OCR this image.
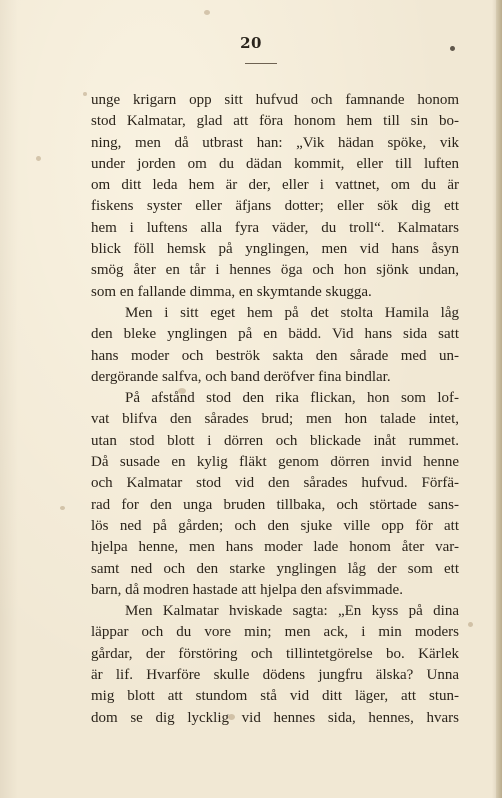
20
unge krigarn opp sitt hufvud och famnande honom
stod Kalmatar, glad att föra honom hem till sin bo-
ning, men då utbrast han: „Vik hädan spöke, vik
under jorden om du dädan kommit, eller till luften
om ditt leda hem är der, eller i vattnet, om du är
fiskens syster eller äfjans dotter; eller sök dig ett
hem i luftens alla fyra väder, du troll“. Kalmatars
blick föll hemsk på ynglingen, men vid hans åsyn
smög åter en tår i hennes öga och hon sjönk undan,
som en fallande dimma, en skymtande skugga.
Men i sitt eget hem på det stolta Hamila låg
den bleke ynglingen på en bädd. Vid hans sida satt
hans moder och beströk sakta den sårade med un-
dergörande salfva, och band deröfver fina bindlar.
På afstånd stod den rika flickan, hon som lof-
vat blifva den sårades brud; men hon talade intet,
utan stod blott i dörren och blickade inåt rummet.
Då susade en kylig fläkt genom dörren invid henne
och Kalmatar stod vid den sårades hufvud. Förfä-
rad for den unga bruden tillbaka, och störtade sans-
lös ned på gården; och den sjuke ville opp för att
hjelpa henne, men hans moder lade honom åter var-
samt ned och den starke ynglingen låg der som ett
barn, då modren hastade att hjelpa den afsvimmade.
Men Kalmatar hviskade sagta: „En kyss på dina
läppar och du vore min; men ack, i min moders
gårdar, der förstöring och tillintetgörelse bo. Kärlek
är lif. Hvarföre skulle dödens jungfru älska? Unna
mig blott att stundom stå vid ditt läger, att stun-
dom se dig lycklig vid hennes sida, hennes, hvars
